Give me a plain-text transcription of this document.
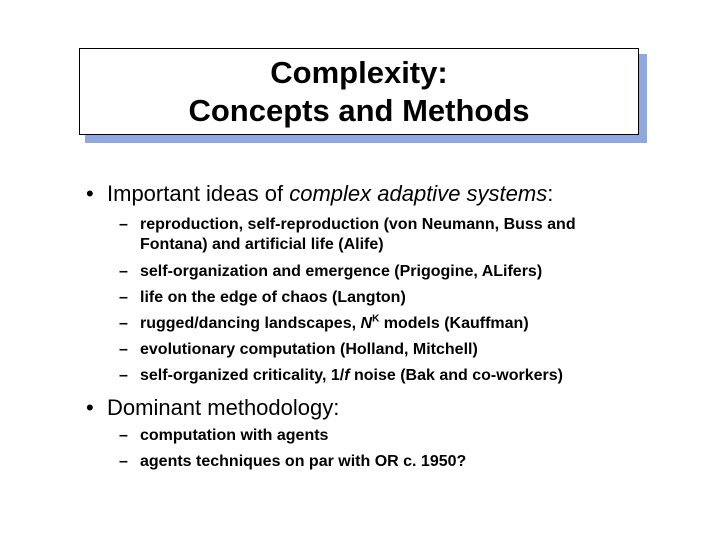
Complexity:
Concepts and Methods
• Important ideas of complex adaptive systems:
– reproduction, self-reproduction (von Neumann, Buss and
Fontana) and artificial life (Alife)
– self-organization and emergence (Prigogine, ALifers)
– life on the edge of chaos (Langton)
– rugged/dancing landscapes, $N^K$ models (Kauffman)
– evolutionary computation (Holland, Mitchell)
– self-organized criticality, 1/f noise (Bak and co-workers)
• Dominant methodology:
– computation with agents
– agents techniques on par with OR c. 1950?
